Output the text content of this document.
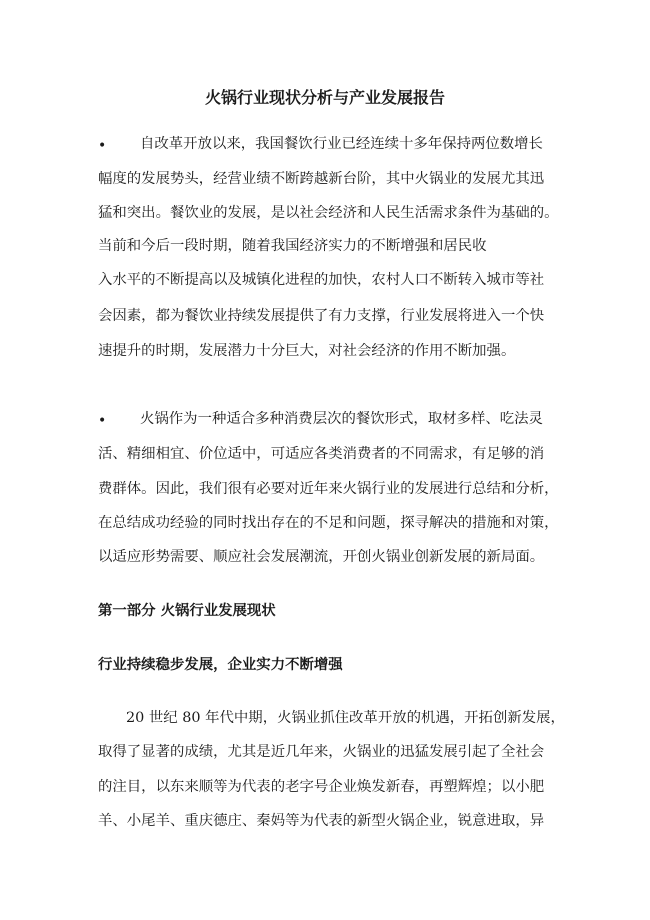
火锅行业现状分析与产业发展报告
• 自改革开放以来，我国餐饮行业已经连续十多年保持两位数增长
幅度的发展势头，经营业绩不断跨越新台阶，其中火锅业的发展尤其迅
猛和突出。餐饮业的发展，是以社会经济和人民生活需求条件为基础的。
当前和今后一段时期，随着我国经济实力的不断增强和居民收
入水平的不断提高以及城镇化进程的加快，农村人口不断转入城市等社
会因素，都为餐饮业持续发展提供了有力支撑，行业发展将进入一个快
速提升的时期，发展潜力十分巨大，对社会经济的作用不断加强。
• 火锅作为一种适合多种消费层次的餐饮形式，取材多样、吃法灵
活、精细相宜、价位适中，可适应各类消费者的不同需求，有足够的消
费群体。因此，我们很有必要对近年来火锅行业的发展进行总结和分析，
在总结成功经验的同时找出存在的不足和问题，探寻解决的措施和对策，
以适应形势需要、顺应社会发展潮流，开创火锅业创新发展的新局面。
第一部分 火锅行业发展现状
行业持续稳步发展，企业实力不断增强
20 世纪 80 年代中期，火锅业抓住改革开放的机遇，开拓创新发展，
取得了显著的成绩，尤其是近几年来，火锅业的迅猛发展引起了全社会
的注目，以东来顺等为代表的老字号企业焕发新春，再塑辉煌；以小肥
羊、小尾羊、重庆德庄、秦妈等为代表的新型火锅企业，锐意进取，异
